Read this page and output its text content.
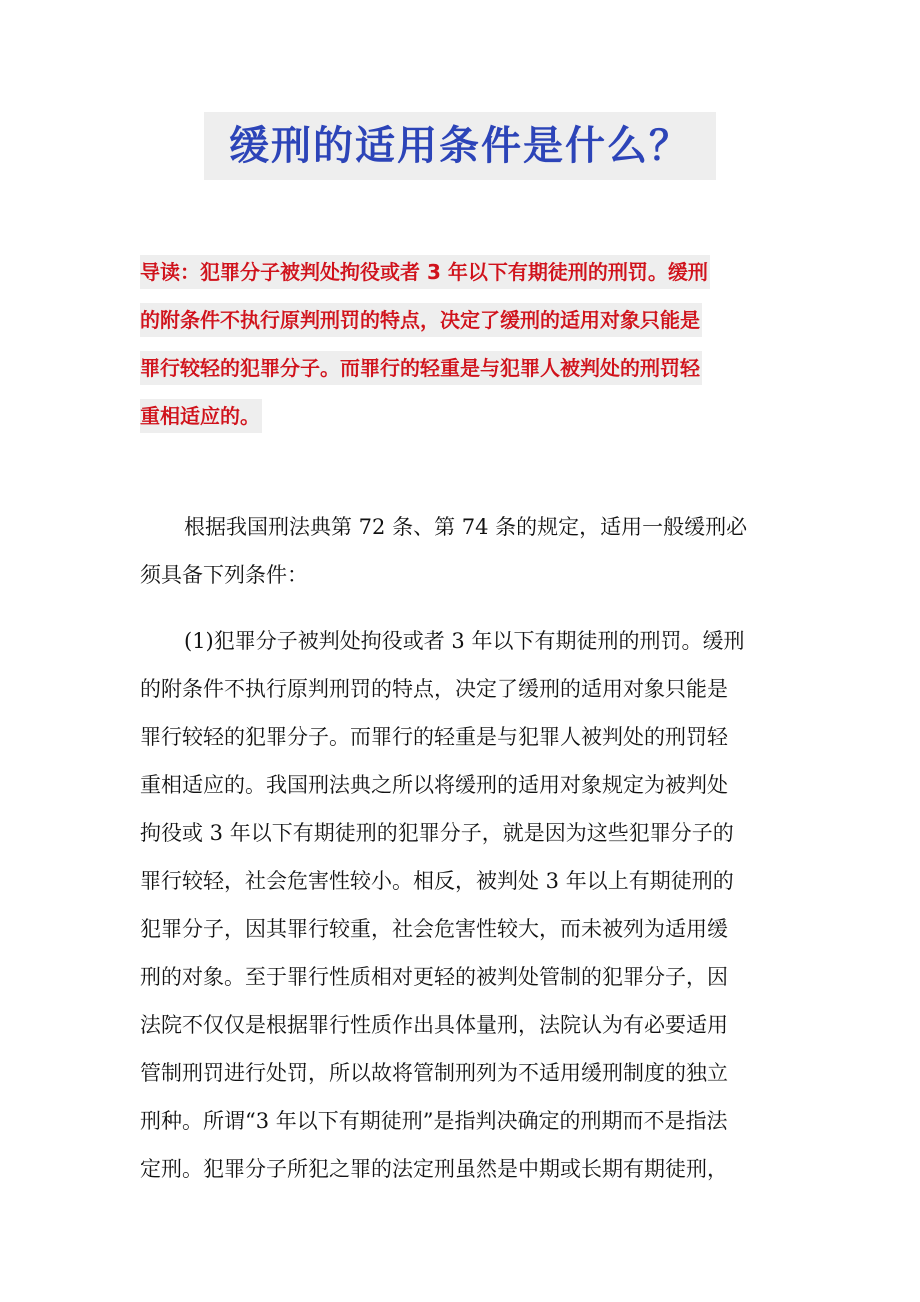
缓刑的适用条件是什么？
导读：犯罪分子被判处拘役或者 3 年以下有期徒刑的刑罚。缓刑
的附条件不执行原判刑罚的特点，决定了缓刑的适用对象只能是
罪行较轻的犯罪分子。而罪行的轻重是与犯罪人被判处的刑罚轻
重相适应的。
根据我国刑法典第 72 条、第 74 条的规定，适用一般缓刑必
须具备下列条件：
(1)犯罪分子被判处拘役或者 3 年以下有期徒刑的刑罚。缓刑
的附条件不执行原判刑罚的特点，决定了缓刑的适用对象只能是
罪行较轻的犯罪分子。而罪行的轻重是与犯罪人被判处的刑罚轻
重相适应的。我国刑法典之所以将缓刑的适用对象规定为被判处
拘役或 3 年以下有期徒刑的犯罪分子，就是因为这些犯罪分子的
罪行较轻，社会危害性较小。相反，被判处 3 年以上有期徒刑的
犯罪分子，因其罪行较重，社会危害性较大，而未被列为适用缓
刑的对象。至于罪行性质相对更轻的被判处管制的犯罪分子，因
法院不仅仅是根据罪行性质作出具体量刑，法院认为有必要适用
管制刑罚进行处罚，所以故将管制刑列为不适用缓刑制度的独立
刑种。所谓“3 年以下有期徒刑”是指判决确定的刑期而不是指法
定刑。犯罪分子所犯之罪的法定刑虽然是中期或长期有期徒刑，
